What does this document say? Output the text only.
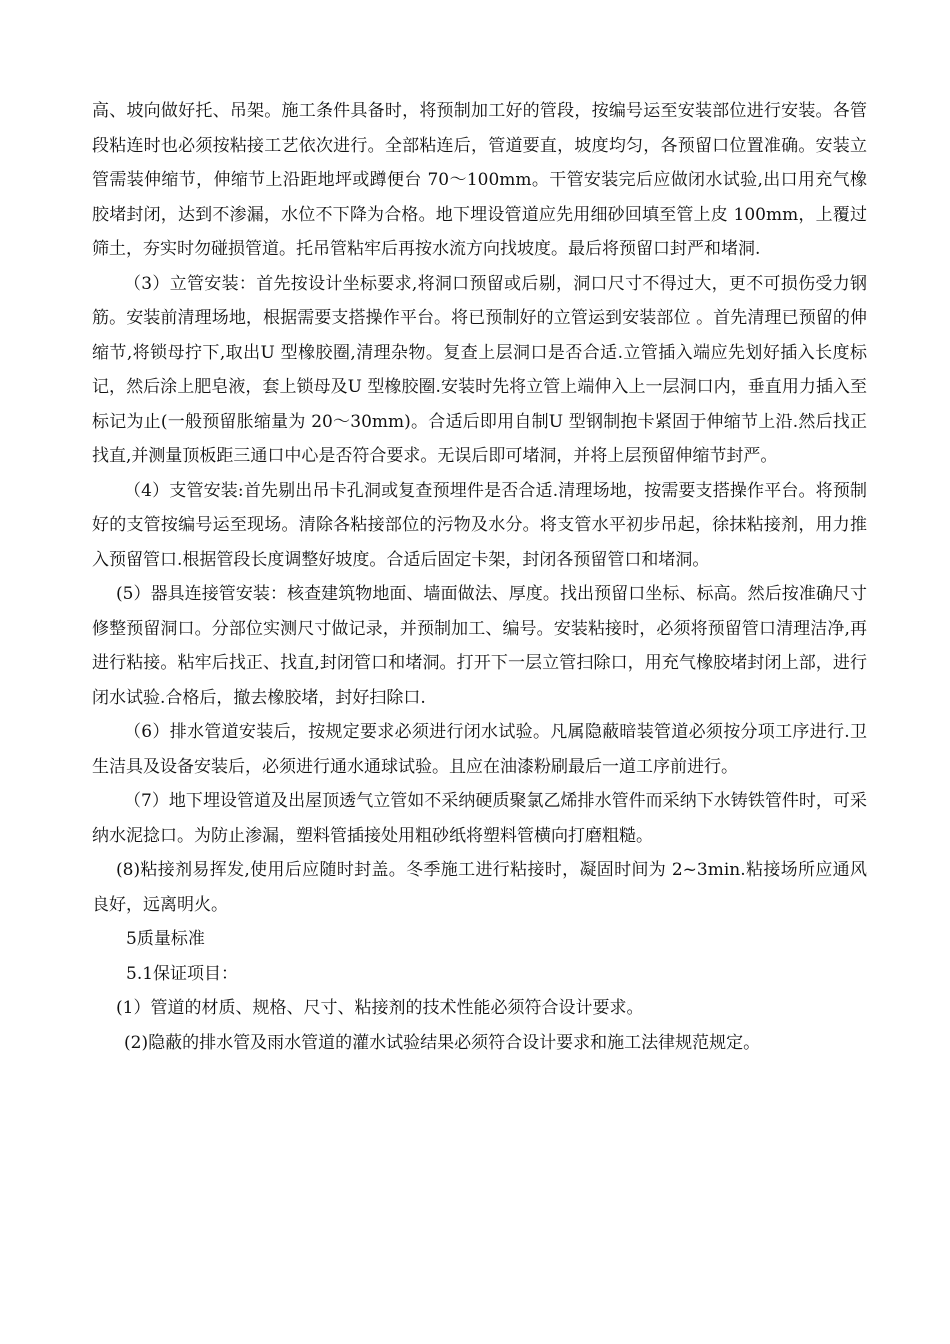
高、坡向做好托、吊架。施工条件具备时，将预制加工好的管段，按编号运至安装部位进行安装。各管段粘连时也必须按粘接工艺依次进行。全部粘连后，管道要直，坡度均匀，各预留口位置准确。安装立管需装伸缩节，伸缩节上沿距地坪或蹲便台 70～100mm。干管安装完后应做闭水试验,出口用充气橡胶堵封闭，达到不渗漏，水位不下降为合格。地下埋设管道应先用细砂回填至管上皮 100mm，上覆过筛土，夯实时勿碰损管道。托吊管粘牢后再按水流方向找坡度。最后将预留口封严和堵洞.

（3）立管安装：首先按设计坐标要求,将洞口预留或后剔，洞口尺寸不得过大，更不可损伤受力钢筋。安装前清理场地，根据需要支搭操作平台。将已预制好的立管运到安装部位 。首先清理已预留的伸缩节,将锁母拧下,取出U 型橡胶圈,清理杂物。复查上层洞口是否合适.立管插入端应先划好插入长度标记，然后涂上肥皂液，套上锁母及U 型橡胶圈.安装时先将立管上端伸入上一层洞口内，垂直用力插入至标记为止(一般预留胀缩量为 20～30mm)。合适后即用自制U 型钢制抱卡紧固于伸缩节上沿.然后找正找直,并测量顶板距三通口中心是否符合要求。无误后即可堵洞，并将上层预留伸缩节封严。

（4）支管安装:首先剔出吊卡孔洞或复查预埋件是否合适.清理场地，按需要支搭操作平台。将预制好的支管按编号运至现场。清除各粘接部位的污物及水分。将支管水平初步吊起，徐抹粘接剂，用力推入预留管口.根据管段长度调整好坡度。合适后固定卡架，封闭各预留管口和堵洞。

(5）器具连接管安装：核查建筑物地面、墙面做法、厚度。找出预留口坐标、标高。然后按准确尺寸修整预留洞口。分部位实测尺寸做记录，并预制加工、编号。安装粘接时，必须将预留管口清理洁净,再进行粘接。粘牢后找正、找直,封闭管口和堵洞。打开下一层立管扫除口，用充气橡胶堵封闭上部，进行闭水试验.合格后，撤去橡胶堵，封好扫除口.

（6）排水管道安装后，按规定要求必须进行闭水试验。凡属隐蔽暗装管道必须按分项工序进行.卫生洁具及设备安装后，必须进行通水通球试验。且应在油漆粉刷最后一道工序前进行。

（7）地下埋设管道及出屋顶透气立管如不采纳硬质聚氯乙烯排水管件而采纳下水铸铁管件时，可采纳水泥捻口。为防止渗漏，塑料管插接处用粗砂纸将塑料管横向打磨粗糙。

(8)粘接剂易挥发,使用后应随时封盖。冬季施工进行粘接时，凝固时间为 2~3min.粘接场所应通风良好，远离明火。

5质量标准

5.1保证项目：

(1）管道的材质、规格、尺寸、粘接剂的技术性能必须符合设计要求。

(2)隐蔽的排水管及雨水管道的灌水试验结果必须符合设计要求和施工法律规范规定。
